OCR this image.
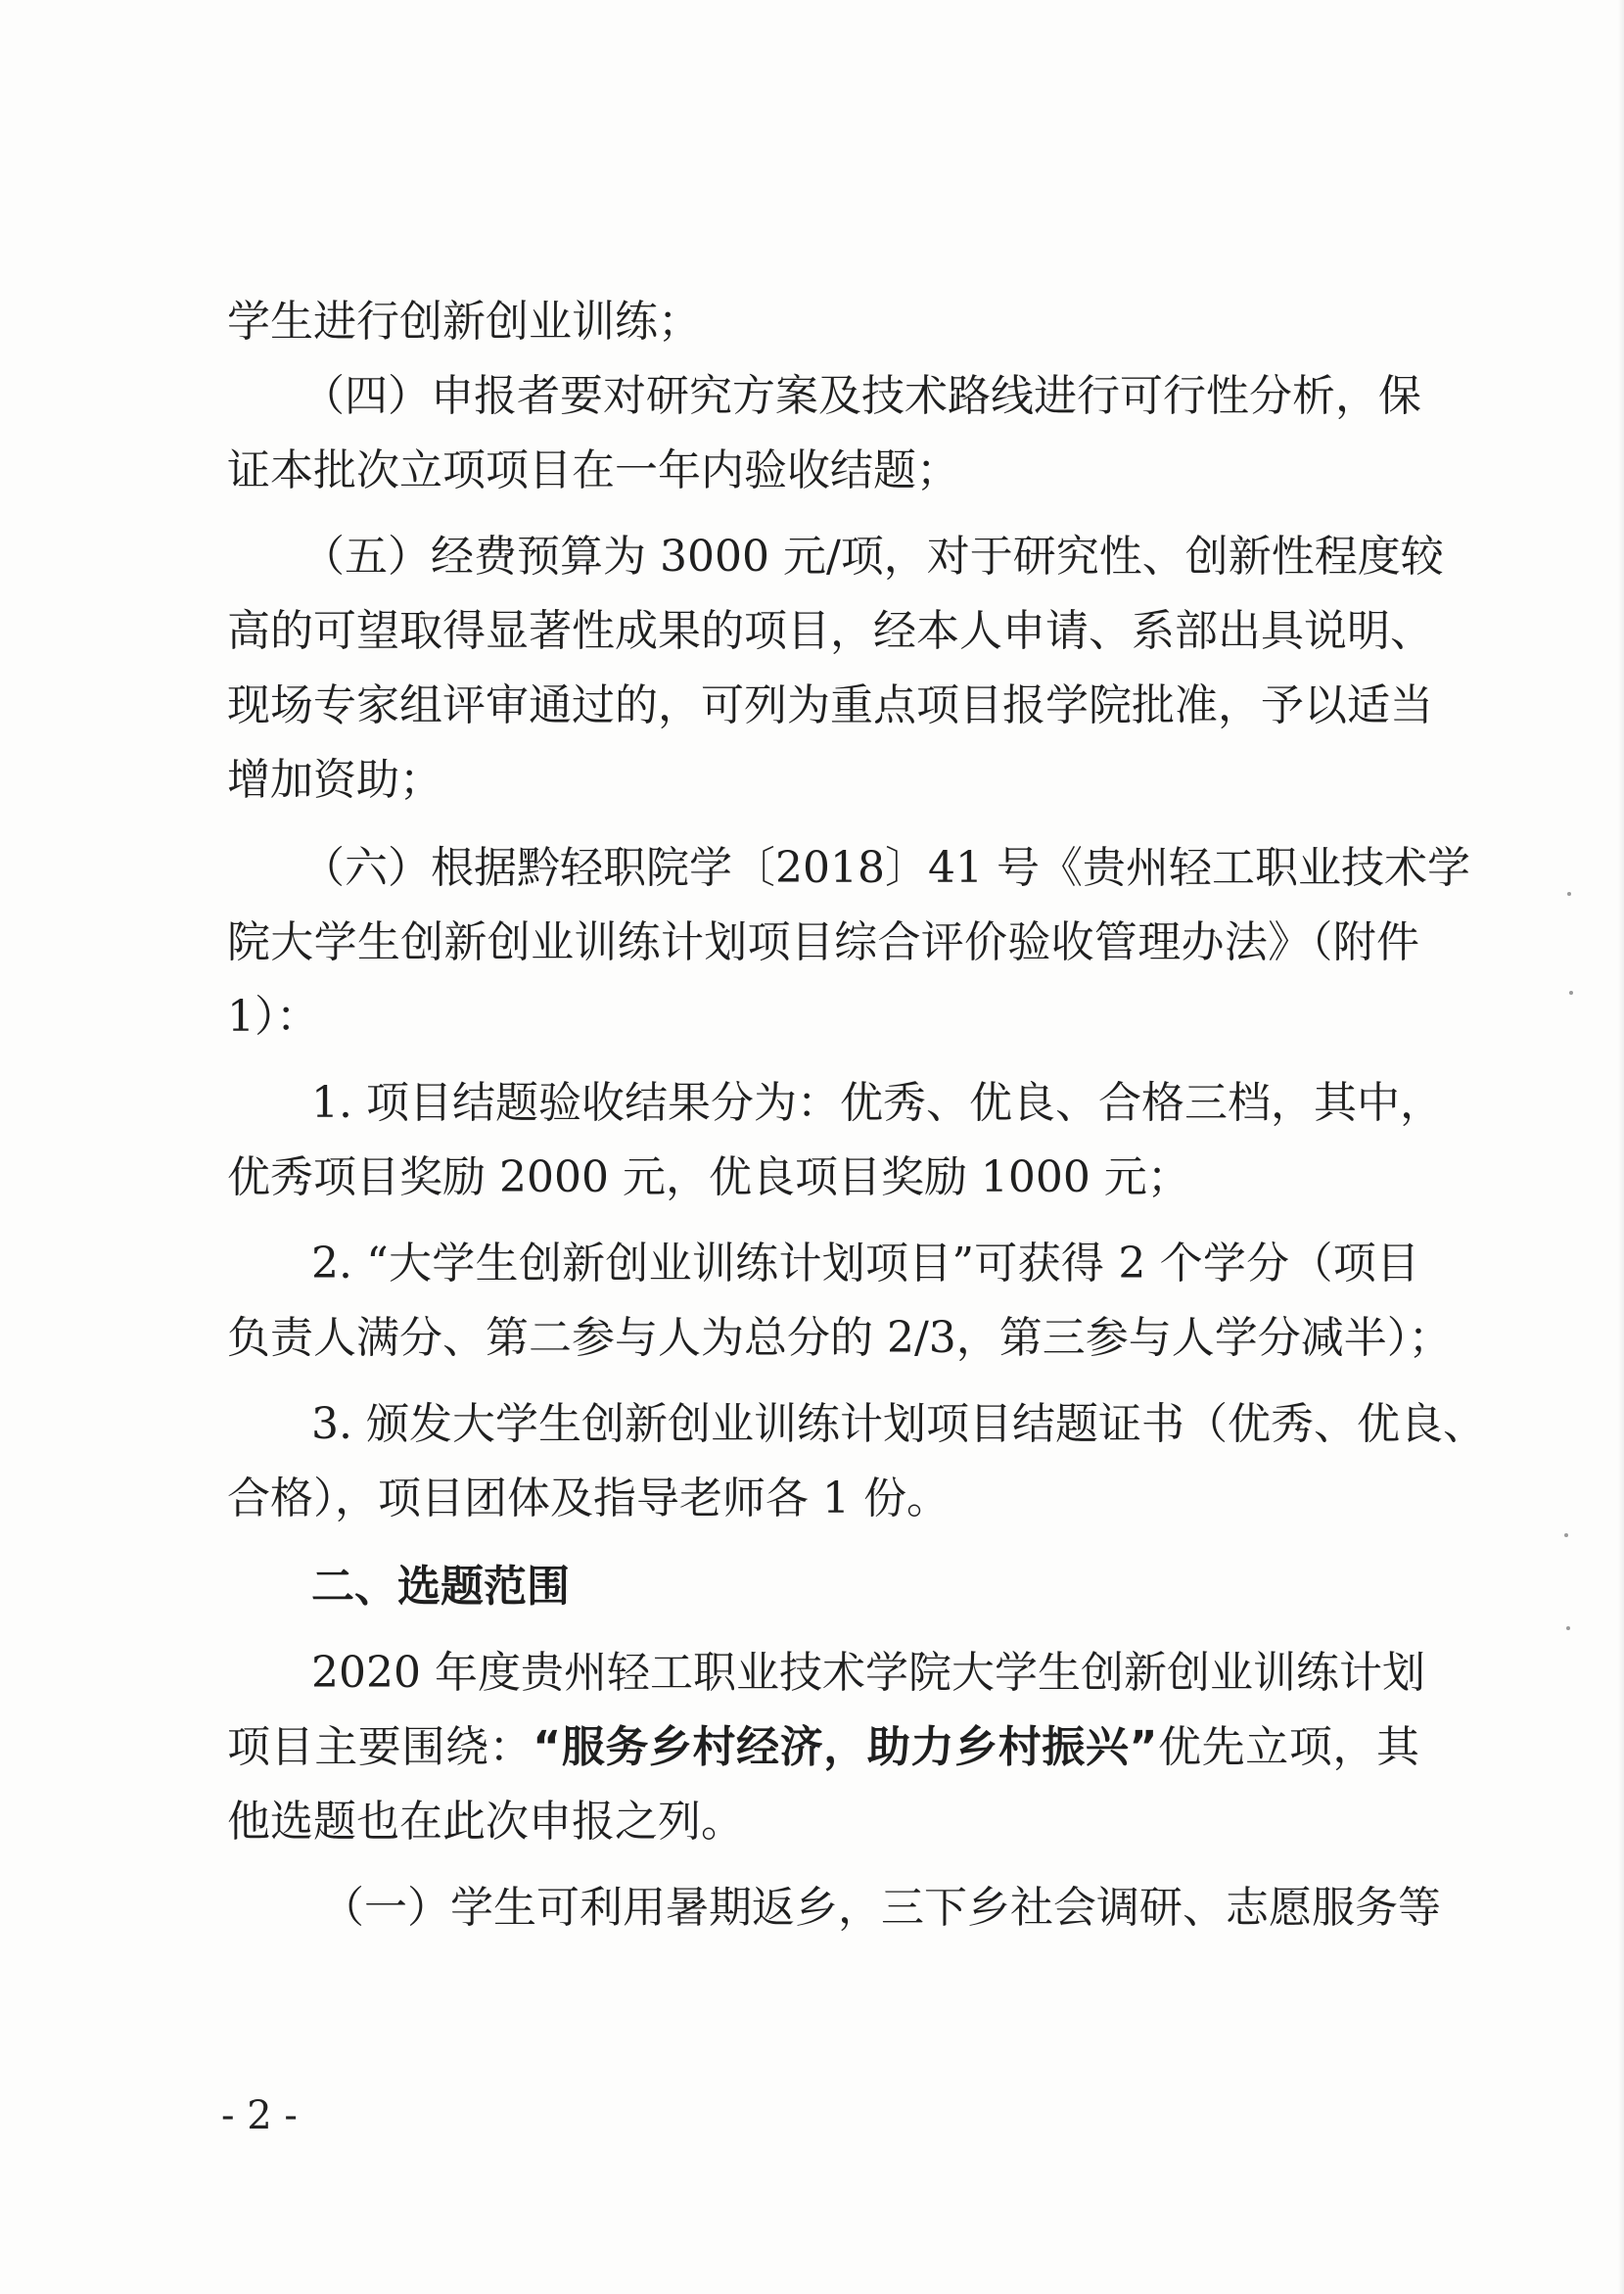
学生进行创新创业训练；
（四）申报者要对研究方案及技术路线进行可行性分析，保
证本批次立项项目在一年内验收结题；
（五）经费预算为 3000 元/项，对于研究性、创新性程度较
高的可望取得显著性成果的项目，经本人申请、系部出具说明、
现场专家组评审通过的，可列为重点项目报学院批准，予以适当
增加资助；
（六）根据黔轻职院学〔2018〕41 号《贵州轻工职业技术学
院大学生创新创业训练计划项目综合评价验收管理办法》（附件
1）：
1. 项目结题验收结果分为：优秀、优良、合格三档，其中，
优秀项目奖励 2000 元，优良项目奖励 1000 元；
2. “大学生创新创业训练计划项目”可获得 2 个学分（项目
负责人满分、第二参与人为总分的 2/3，第三参与人学分减半）；
3. 颁发大学生创新创业训练计划项目结题证书（优秀、优良、
合格），项目团体及指导老师各 1 份。
二、选题范围
2020 年度贵州轻工职业技术学院大学生创新创业训练计划
项目主要围绕：“服务乡村经济，助力乡村振兴”优先立项，其
他选题也在此次申报之列。
（一）学生可利用暑期返乡，三下乡社会调研、志愿服务等
- 2 -
